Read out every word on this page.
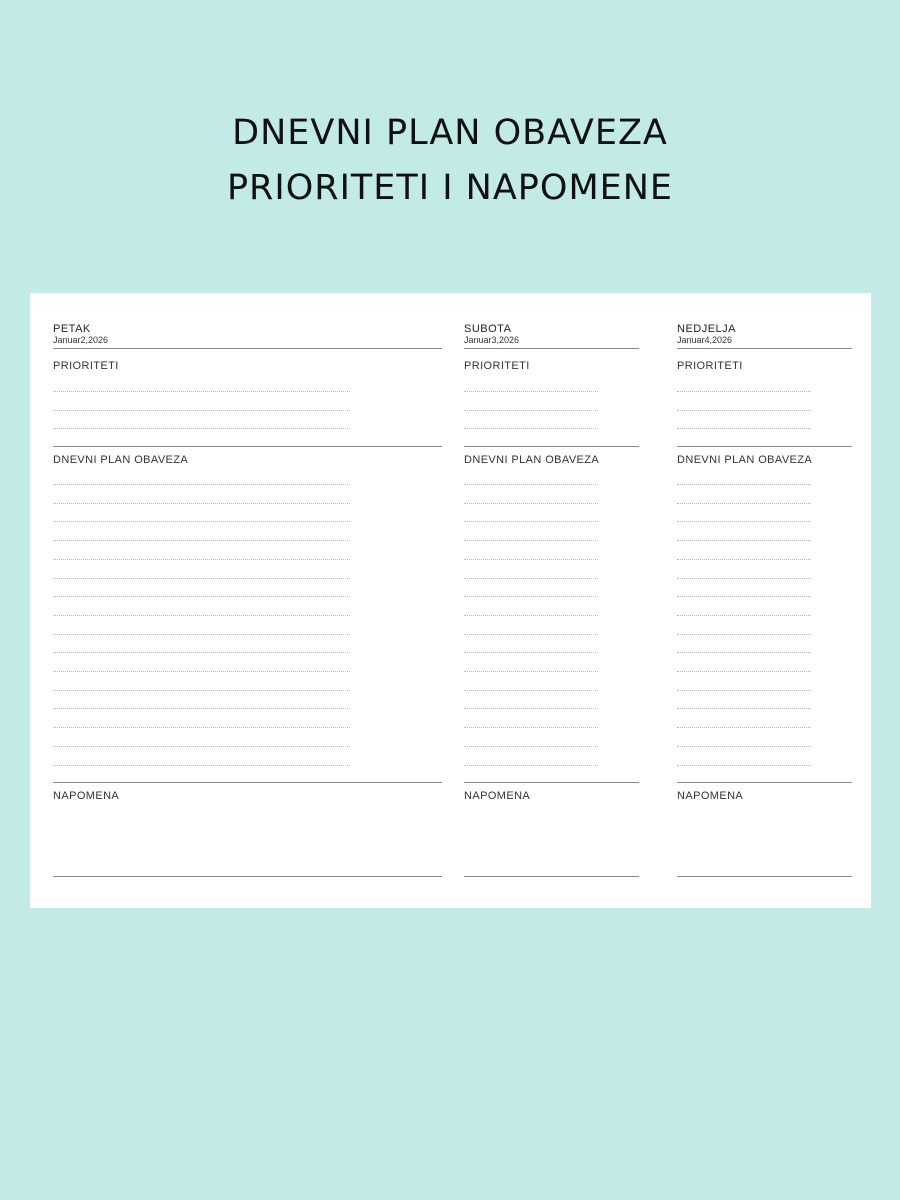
DNEVNI PLAN OBAVEZA
PRIORITETI I NAPOMENE
PETAK
Januar2,2026
PRIORITETI
DNEVNI PLAN OBAVEZA
NAPOMENA
SUBOTA
Januar3,2026
PRIORITETI
DNEVNI PLAN OBAVEZA
NAPOMENA
NEDJELJA
Januar4,2026
PRIORITETI
DNEVNI PLAN OBAVEZA
NAPOMENA
